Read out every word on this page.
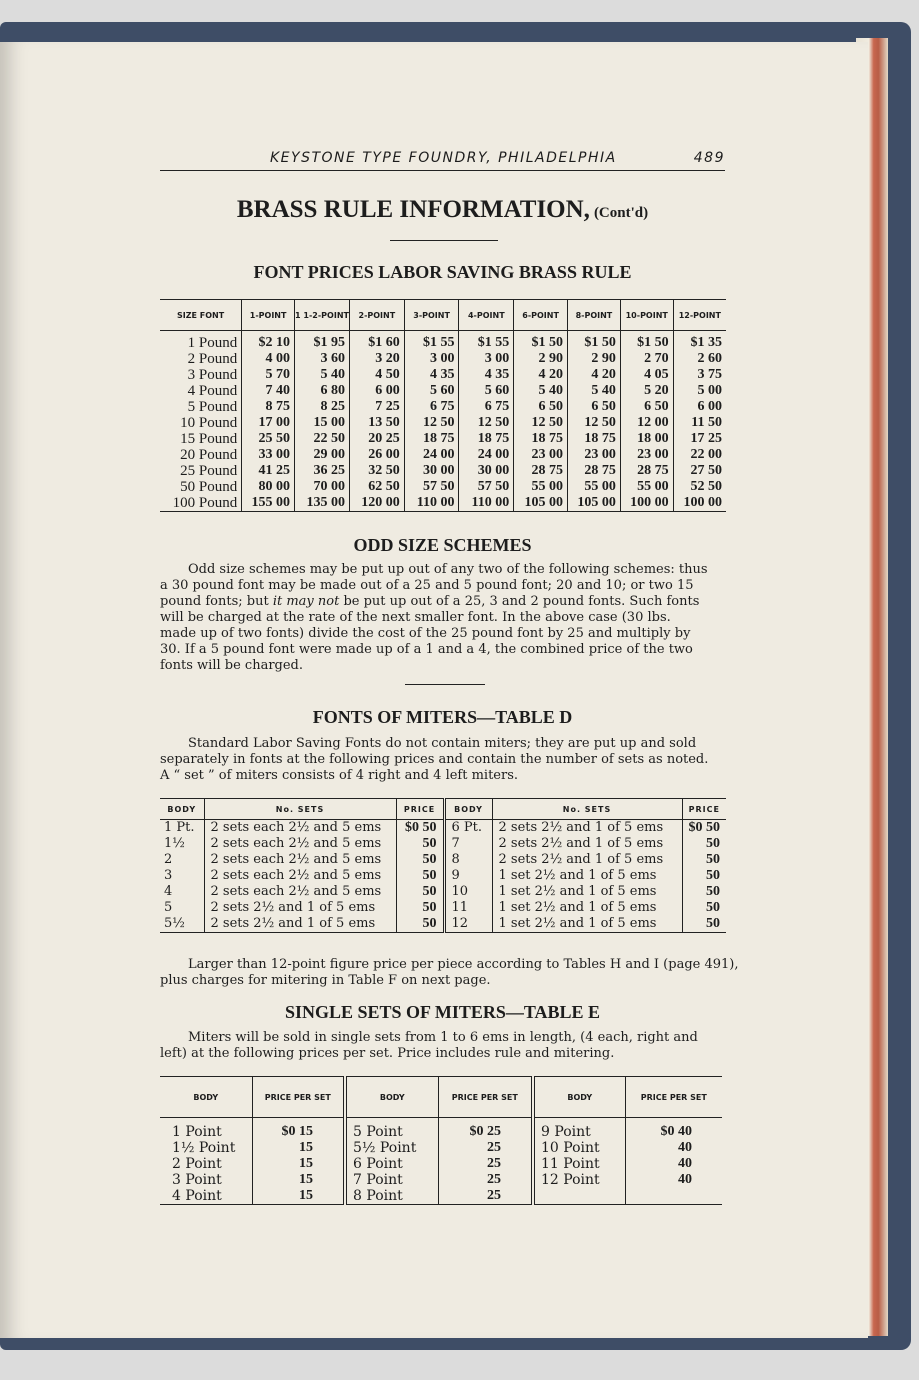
KEYSTONE TYPE FOUNDRY, PHILADELPHIA	489
BRASS RULE INFORMATION, (Cont'd)
FONT PRICES LABOR SAVING BRASS RULE
SIZE FONT	1-POINT	1 1-2-POINT	2-POINT	3-POINT	4-POINT	6-POINT	8-POINT	10-POINT	12-POINT
1 Pound	$2 10	$1 95	$1 60	$1 55	$1 55	$1 50	$1 50	$1 50	$1 35
2 Pound	4 00	3 60	3 20	3 00	3 00	2 90	2 90	2 70	2 60
3 Pound	5 70	5 40	4 50	4 35	4 35	4 20	4 20	4 05	3 75
4 Pound	7 40	6 80	6 00	5 60	5 60	5 40	5 40	5 20	5 00
5 Pound	8 75	8 25	7 25	6 75	6 75	6 50	6 50	6 50	6 00
10 Pound	17 00	15 00	13 50	12 50	12 50	12 50	12 50	12 00	11 50
15 Pound	25 50	22 50	20 25	18 75	18 75	18 75	18 75	18 00	17 25
20 Pound	33 00	29 00	26 00	24 00	24 00	23 00	23 00	23 00	22 00
25 Pound	41 25	36 25	32 50	30 00	30 00	28 75	28 75	28 75	27 50
50 Pound	80 00	70 00	62 50	57 50	57 50	55 00	55 00	55 00	52 50
100 Pound	155 00	135 00	120 00	110 00	110 00	105 00	105 00	100 00	100 00
ODD SIZE SCHEMES
Odd size schemes may be put up out of any two of the following schemes: thus
a 30 pound font may be made out of a 25 and 5 pound font; 20 and 10; or two 15
pound fonts; but it may not be put up out of a 25, 3 and 2 pound fonts. Such fonts
will be charged at the rate of the next smaller font. In the above case (30 lbs.
made up of two fonts) divide the cost of the 25 pound font by 25 and multiply by
30. If a 5 pound font were made up of a 1 and a 4, the combined price of the two
fonts will be charged.
FONTS OF MITERS—TABLE D
Standard Labor Saving Fonts do not contain miters; they are put up and sold
separately in fonts at the following prices and contain the number of sets as noted.
A “ set ” of miters consists of 4 right and 4 left miters.
BODY	No. SETS	PRICE	BODY	No. SETS	PRICE
1 Pt.	2 sets each 2½ and 5 ems	$0 50	6 Pt.	2 sets 2½ and 1 of 5 ems	$0 50
1½	2 sets each 2½ and 5 ems	50	7	2 sets 2½ and 1 of 5 ems	50
2	2 sets each 2½ and 5 ems	50	8	2 sets 2½ and 1 of 5 ems	50
3	2 sets each 2½ and 5 ems	50	9	1 set 2½ and 1 of 5 ems	50
4	2 sets each 2½ and 5 ems	50	10	1 set 2½ and 1 of 5 ems	50
5	2 sets 2½ and 1 of 5 ems	50	11	1 set 2½ and 1 of 5 ems	50
5½	2 sets 2½ and 1 of 5 ems	50	12	1 set 2½ and 1 of 5 ems	50
Larger than 12-point figure price per piece according to Tables H and I (page 491),
plus charges for mitering in Table F on next page.
SINGLE SETS OF MITERS—TABLE E
Miters will be sold in single sets from 1 to 6 ems in length, (4 each, right and
left) at the following prices per set. Price includes rule and mitering.
BODY	PRICE PER SET	BODY	PRICE PER SET	BODY	PRICE PER SET
1 Point	$0 15	5 Point	$0 25	9 Point	$0 40
1½ Point	15	5½ Point	25	10 Point	40
2 Point	15	6 Point	25	11 Point	40
3 Point	15	7 Point	25	12 Point	40
4 Point	15	8 Point	25		
